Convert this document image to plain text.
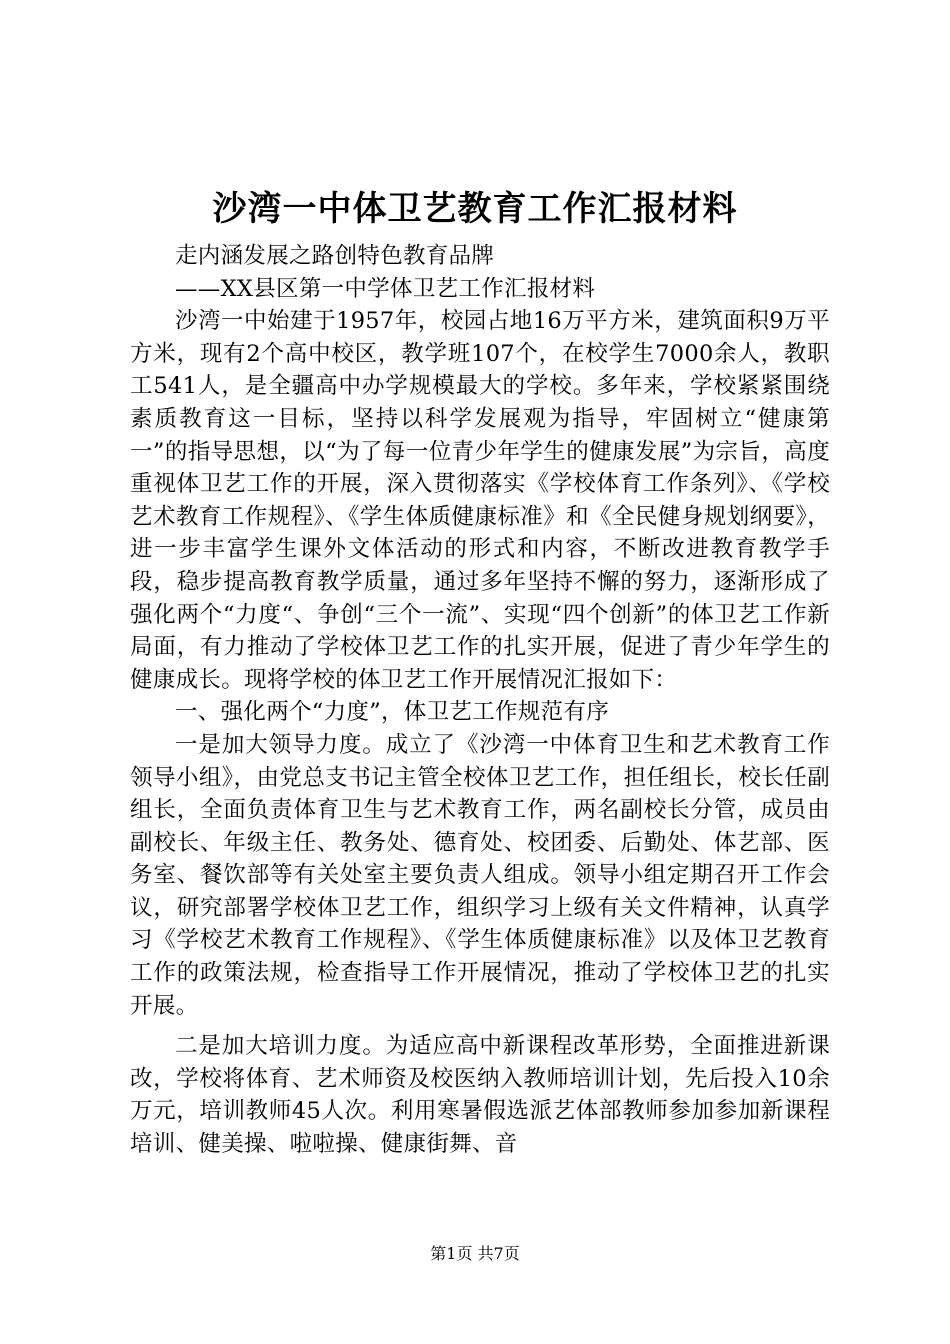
沙湾一中体卫艺教育工作汇报材料

走内涵发展之路创特色教育品牌

——XX县区第一中学体卫艺工作汇报材料

沙湾一中始建于1957年，校园占地16万平方米，建筑面积9万平方米，现有2个高中校区，教学班107个，在校学生7000余人，教职工541人，是全疆高中办学规模最大的学校。多年来，学校紧紧围绕素质教育这一目标，坚持以科学发展观为指导，牢固树立“健康第一”的指导思想，以“为了每一位青少年学生的健康发展”为宗旨，高度重视体卫艺工作的开展，深入贯彻落实《学校体育工作条列》、《学校艺术教育工作规程》、《学生体质健康标准》和《全民健身规划纲要》，进一步丰富学生课外文体活动的形式和内容，不断改进教育教学手段，稳步提高教育教学质量，通过多年坚持不懈的努力，逐渐形成了强化两个“力度“、争创“三个一流”、实现“四个创新”的体卫艺工作新局面，有力推动了学校体卫艺工作的扎实开展，促进了青少年学生的健康成长。现将学校的体卫艺工作开展情况汇报如下：

一、强化两个“力度”，体卫艺工作规范有序

一是加大领导力度。成立了《沙湾一中体育卫生和艺术教育工作领导小组》，由党总支书记主管全校体卫艺工作，担任组长，校长任副组长，全面负责体育卫生与艺术教育工作，两名副校长分管，成员由副校长、年级主任、教务处、德育处、校团委、后勤处、体艺部、医务室、餐饮部等有关处室主要负责人组成。领导小组定期召开工作会议，研究部署学校体卫艺工作，组织学习上级有关文件精神，认真学习《学校艺术教育工作规程》、《学生体质健康标准》以及体卫艺教育工作的政策法规，检查指导工作开展情况，推动了学校体卫艺的扎实开展。

二是加大培训力度。为适应高中新课程改革形势，全面推进新课改，学校将体育、艺术师资及校医纳入教师培训计划，先后投入10余万元，培训教师45人次。利用寒暑假选派艺体部教师参加参加新课程培训、健美操、啦啦操、健康街舞、音

第1页 共7页
